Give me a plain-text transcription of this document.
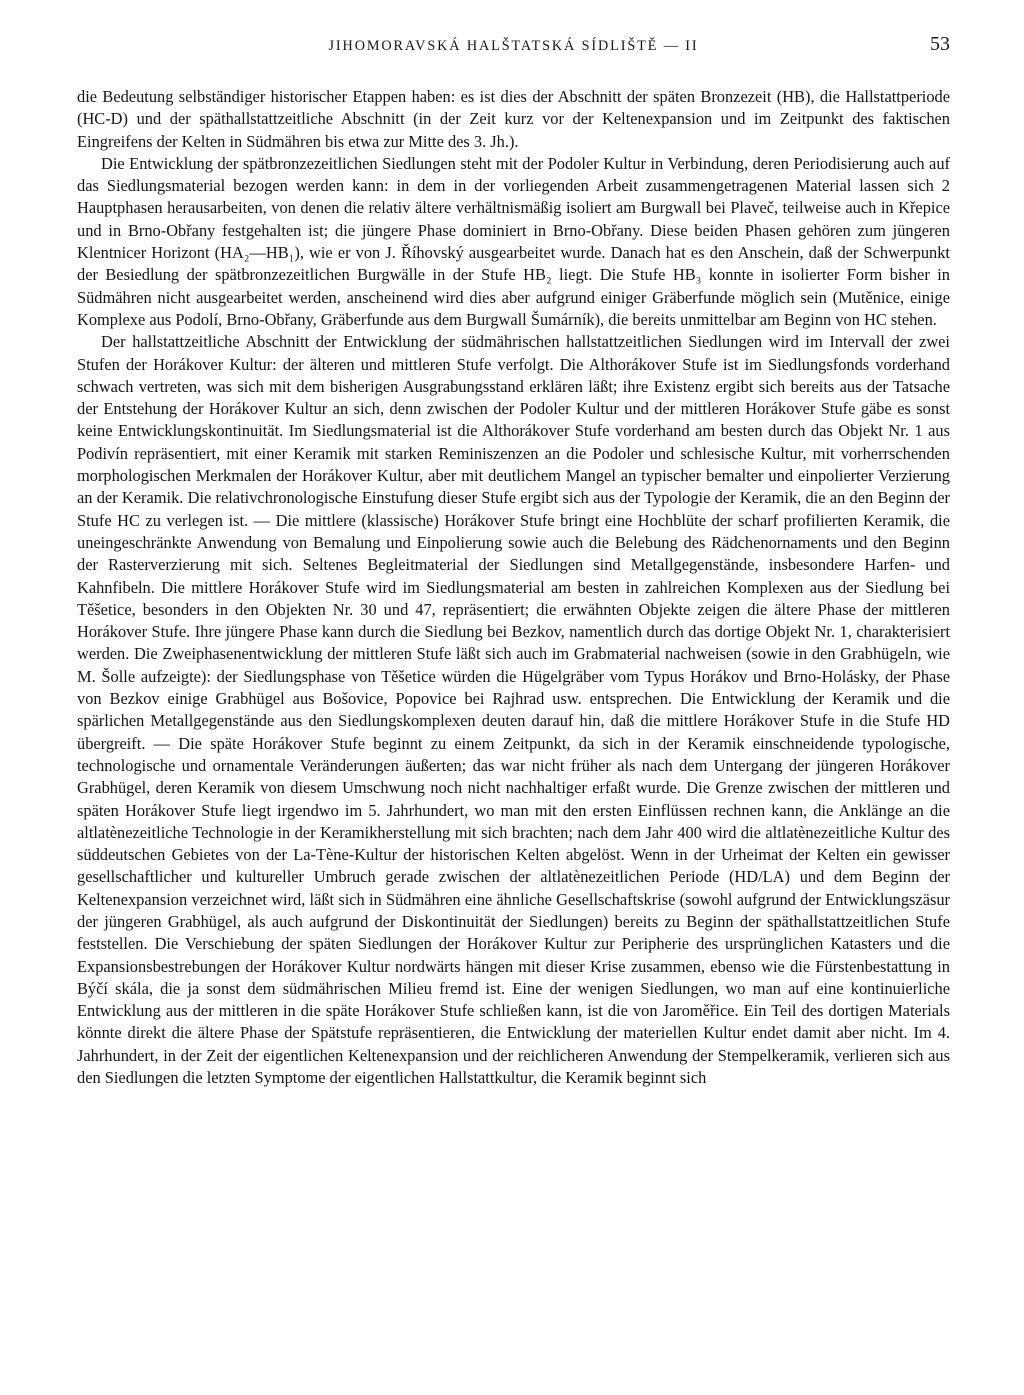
JIHOMORAVSKÁ HALŠTATSKÁ SÍDLIŠTĚ — II	53

die Bedeutung selbständiger historischer Etappen haben: es ist dies der Abschnitt der späten Bronzezeit (HB), die Hallstattperiode (HC-D) und der späthallstattzeitliche Abschnitt (in der Zeit kurz vor der Keltenexpansion und im Zeitpunkt des faktischen Eingreifens der Kelten in Südmähren bis etwa zur Mitte des 3. Jh.).

Die Entwicklung der spätbronzezeitlichen Siedlungen steht mit der Podoler Kultur in Verbindung, deren Periodisierung auch auf das Siedlungsmaterial bezogen werden kann: in dem in der vorliegenden Arbeit zusammengetragenen Material lassen sich 2 Hauptphasen herausarbeiten, von denen die relativ ältere verhältnismäßig isoliert am Burgwall bei Plaveč, teilweise auch in Křepice und in Brno-Obřany festgehalten ist; die jüngere Phase dominiert in Brno-Obřany. Diese beiden Phasen gehören zum jüngeren Klentnicer Horizont (HA₂—HB₁), wie er von J. Říhovský ausgearbeitet wurde. Danach hat es den Anschein, daß der Schwerpunkt der Besiedlung der spätbronzezeitlichen Burgwälle in der Stufe HB₂ liegt. Die Stufe HB₃ konnte in isolierter Form bisher in Südmähren nicht ausgearbeitet werden, anscheinend wird dies aber aufgrund einiger Gräberfunde möglich sein (Mutěnice, einige Komplexe aus Podolí, Brno-Obřany, Gräberfunde aus dem Burgwall Šumárník), die bereits unmittelbar am Beginn von HC stehen.

Der hallstattzeitliche Abschnitt der Entwicklung der südmährischen hallstattzeitlichen Siedlungen wird im Intervall der zwei Stufen der Horákover Kultur: der älteren und mittleren Stufe verfolgt. Die Althorákover Stufe ist im Siedlungsfonds vorderhand schwach vertreten, was sich mit dem bisherigen Ausgrabungsstand erklären läßt; ihre Existenz ergibt sich bereits aus der Tatsache der Entstehung der Horákover Kultur an sich, denn zwischen der Podoler Kultur und der mittleren Horákover Stufe gäbe es sonst keine Entwicklungskontinuität. Im Siedlungsmaterial ist die Althorákover Stufe vorderhand am besten durch das Objekt Nr. 1 aus Podivín repräsentiert, mit einer Keramik mit starken Reminiszenzen an die Podoler und schlesische Kultur, mit vorherrschenden morphologischen Merkmalen der Horákover Kultur, aber mit deutlichem Mangel an typischer bemalter und einpolierter Verzierung an der Keramik. Die relativchronologische Einstufung dieser Stufe ergibt sich aus der Typologie der Keramik, die an den Beginn der Stufe HC zu verlegen ist. — Die mittlere (klassische) Horákover Stufe bringt eine Hochblüte der scharf profilierten Keramik, die uneingeschränkte Anwendung von Bemalung und Einpolierung sowie auch die Belebung des Rädchenornaments und den Beginn der Rasterverzierung mit sich. Seltenes Begleitmaterial der Siedlungen sind Metallgegenstände, insbesondere Harfen- und Kahnfibeln. Die mittlere Horákover Stufe wird im Siedlungsmaterial am besten in zahlreichen Komplexen aus der Siedlung bei Těšetice, besonders in den Objekten Nr. 30 und 47, repräsentiert; die erwähnten Objekte zeigen die ältere Phase der mittleren Horákover Stufe. Ihre jüngere Phase kann durch die Siedlung bei Bezkov, namentlich durch das dortige Objekt Nr. 1, charakterisiert werden. Die Zweiphasenentwicklung der mittleren Stufe läßt sich auch im Grabmaterial nachweisen (sowie in den Grabhügeln, wie M. Šolle aufzeigte): der Siedlungsphase von Těšetice würden die Hügelgräber vom Typus Horákov und Brno-Holásky, der Phase von Bezkov einige Grabhügel aus Bošovice, Popovice bei Rajhrad usw. entsprechen. Die Entwicklung der Keramik und die spärlichen Metallgegenstände aus den Siedlungskomplexen deuten darauf hin, daß die mittlere Horákover Stufe in die Stufe HD übergreift. — Die späte Horákover Stufe beginnt zu einem Zeitpunkt, da sich in der Keramik einschneidende typologische, technologische und ornamentale Veränderungen äußerten; das war nicht früher als nach dem Untergang der jüngeren Horákover Grabhügel, deren Keramik von diesem Umschwung noch nicht nachhaltiger erfaßt wurde. Die Grenze zwischen der mittleren und späten Horákover Stufe liegt irgendwo im 5. Jahrhundert, wo man mit den ersten Einflüssen rechnen kann, die Anklänge an die altlatènezeitliche Technologie in der Keramikherstellung mit sich brachten; nach dem Jahr 400 wird die altlatènezeitliche Kultur des süddeutschen Gebietes von der La-Tène-Kultur der historischen Kelten abgelöst. Wenn in der Urheimat der Kelten ein gewisser gesellschaftlicher und kultureller Umbruch gerade zwischen der altlatènezeitlichen Periode (HD/LA) und dem Beginn der Keltenexpansion verzeichnet wird, läßt sich in Südmähren eine ähnliche Gesellschaftskrise (sowohl aufgrund der Entwicklungszäsur der jüngeren Grabhügel, als auch aufgrund der Diskontinuität der Siedlungen) bereits zu Beginn der späthallstattzeitlichen Stufe feststellen. Die Verschiebung der späten Siedlungen der Horákover Kultur zur Peripherie des ursprünglichen Katasters und die Expansionsbestrebungen der Horákover Kultur nordwärts hängen mit dieser Krise zusammen, ebenso wie die Fürstenbestattung in Býčí skála, die ja sonst dem südmährischen Milieu fremd ist. Eine der wenigen Siedlungen, wo man auf eine kontinuierliche Entwicklung aus der mittleren in die späte Horákover Stufe schließen kann, ist die von Jaroměřice. Ein Teil des dortigen Materials könnte direkt die ältere Phase der Spätstufe repräsentieren, die Entwicklung der materiellen Kultur endet damit aber nicht. Im 4. Jahrhundert, in der Zeit der eigentlichen Keltenexpansion und der reichlicheren Anwendung der Stempelkeramik, verlieren sich aus den Siedlungen die letzten Symptome der eigentlichen Hallstattkultur, die Keramik beginnt sich
